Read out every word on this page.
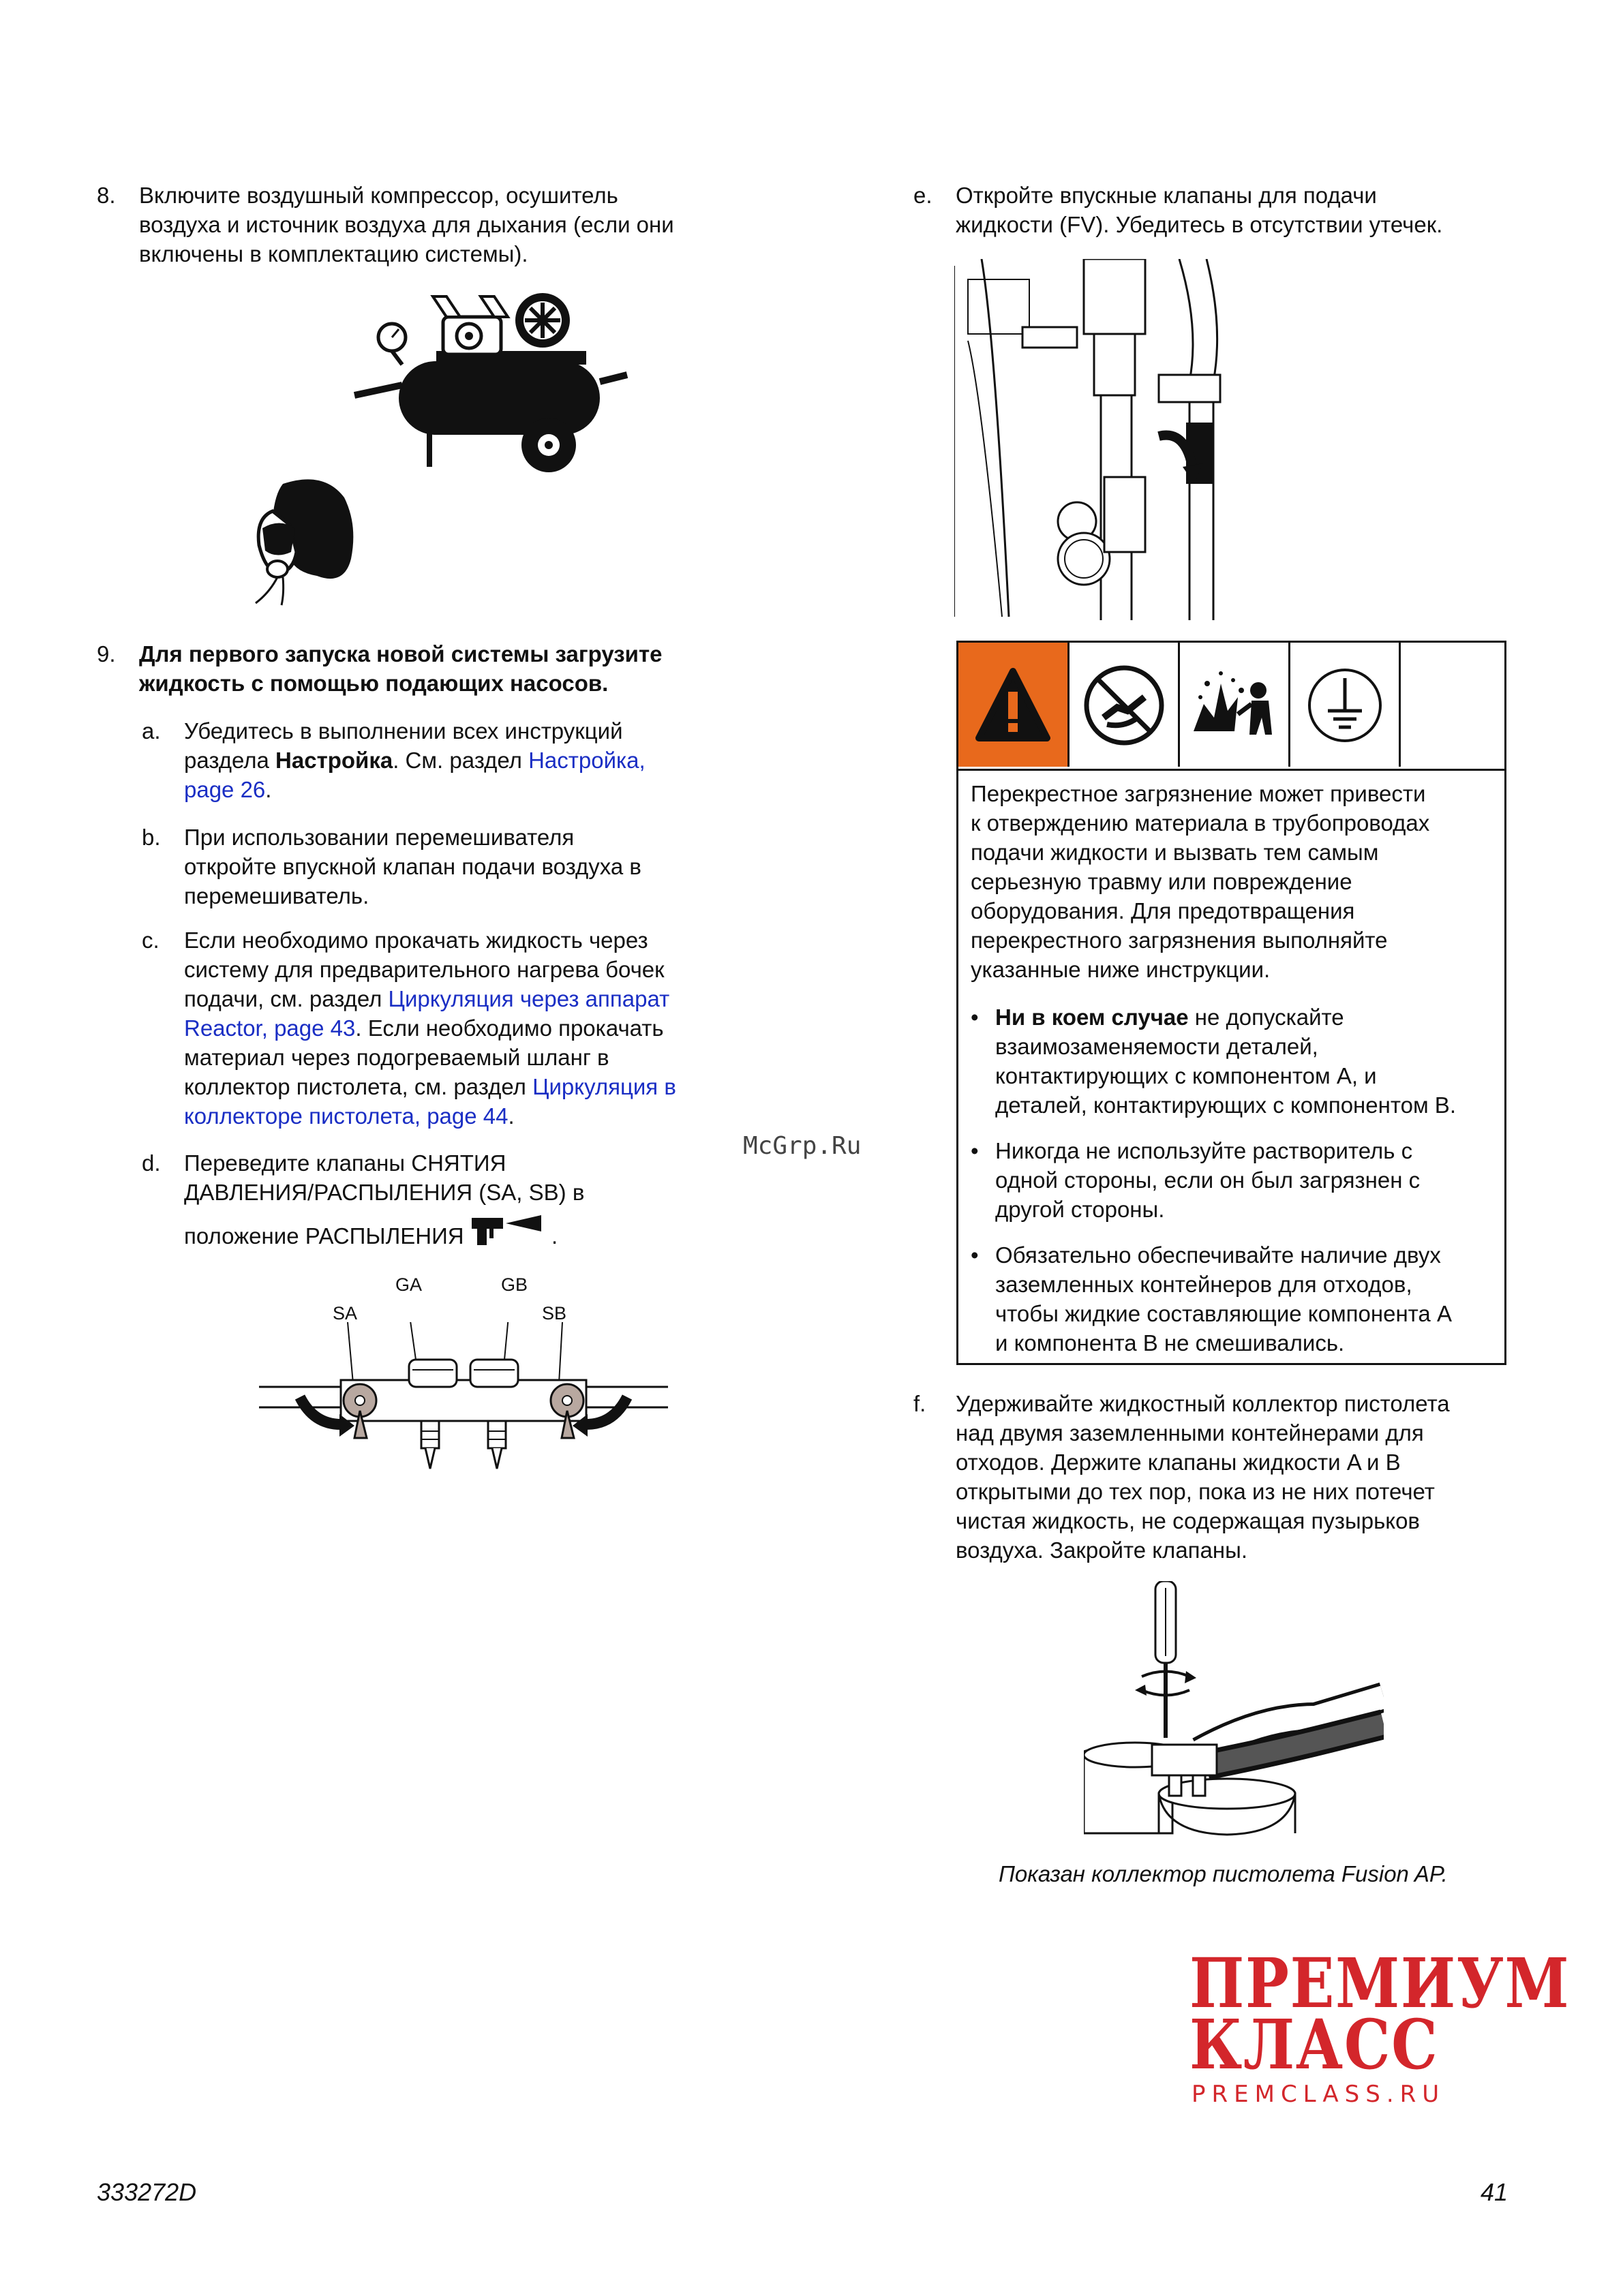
8. Включите воздушный компрессор, осушитель
воздуха и источник воздуха для дыхания (если они
включены в комплектацию системы).
9. Для первого запуска новой системы загрузите
жидкость с помощью подающих насосов.
a. Убедитесь в выполнении всех инструкций
раздела Настройка. См. раздел Настройка,
page 26.
b. При использовании перемешивателя
откройте впускной клапан подачи воздуха в
перемешиватель.
c. Если необходимо прокачать жидкость через
систему для предварительного нагрева бочек
подачи, см. раздел Циркуляция через аппарат
Reactor, page 43. Если необходимо прокачать
материал через подогреваемый шланг в
коллектор пистолета, см. раздел Циркуляция в
коллекторе пистолета, page 44.
d. Переведите клапаны СНЯТИЯ
ДАВЛЕНИЯ/РАСПЫЛЕНИЯ (SA, SB) в
положение РАСПЫЛЕНИЯ	.
GA	GB
SA	SB
McGrp.Ru
e. Откройте впускные клапаны для подачи
жидкости (FV). Убедитесь в отсутствии утечек.
Перекрестное загрязнение может привести
к отверждению материала в трубопроводах
подачи жидкости и вызвать тем самым
серьезную травму или повреждение
оборудования. Для предотвращения
перекрестного загрязнения выполняйте
указанные ниже инструкции.
• Ни в коем случае не допускайте
взаимозаменяемости деталей,
контактирующих с компонентом A, и
деталей, контактирующих с компонентом B.
• Никогда не используйте растворитель с
одной стороны, если он был загрязнен с
другой стороны.
• Обязательно обеспечивайте наличие двух
заземленных контейнеров для отходов,
чтобы жидкие составляющие компонента A
и компонента B не смешивались.
f. Удерживайте жидкостный коллектор пистолета
над двумя заземленными контейнерами для
отходов. Держите клапаны жидкости A и B
открытыми до тех пор, пока из не них потечет
чистая жидкость, не содержащая пузырьков
воздуха. Закройте клапаны.
Показан коллектор пистолета Fusion AP.
ПРЕМИУМ
КЛАСС
PREMCLASS.RU
333272D	41
